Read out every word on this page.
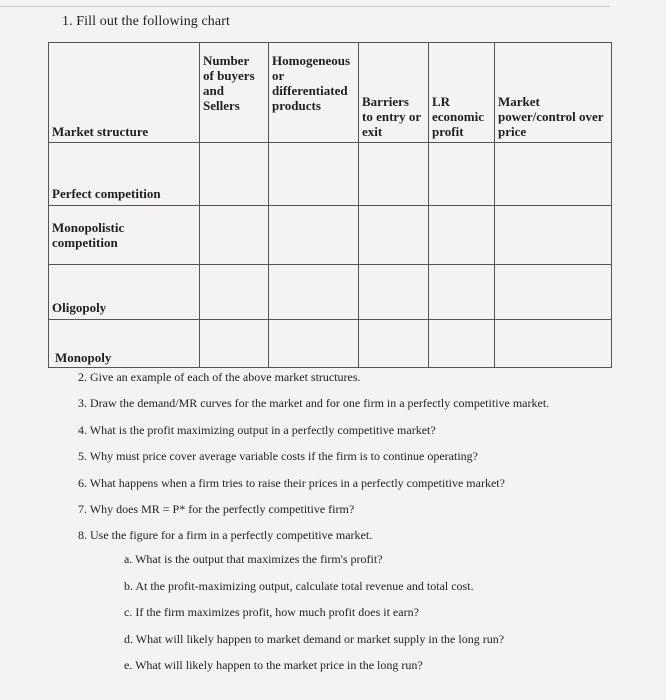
1. Fill out the following chart
Market structure	Number
of buyers
and
Sellers	Homogeneous
or
differentiated
products	Barriers
to entry or
exit	LR
economic
profit	Market
power/control over
price
Perfect competition					
Monopolistic
competition					
Oligopoly					
Monopoly					
2. Give an example of each of the above market structures.
3. Draw the demand/MR curves for the market and for one firm in a perfectly competitive market.
4. What is the profit maximizing output in a perfectly competitive market?
5. Why must price cover average variable costs if the firm is to continue operating?
6. What happens when a firm tries to raise their prices in a perfectly competitive market?
7. Why does MR = P* for the perfectly competitive firm?
8. Use the figure for a firm in a perfectly competitive market.
a. What is the output that maximizes the firm's profit?
b. At the profit-maximizing output, calculate total revenue and total cost.
c. If the firm maximizes profit, how much profit does it earn?
d. What will likely happen to market demand or market supply in the long run?
e. What will likely happen to the market price in the long run?
